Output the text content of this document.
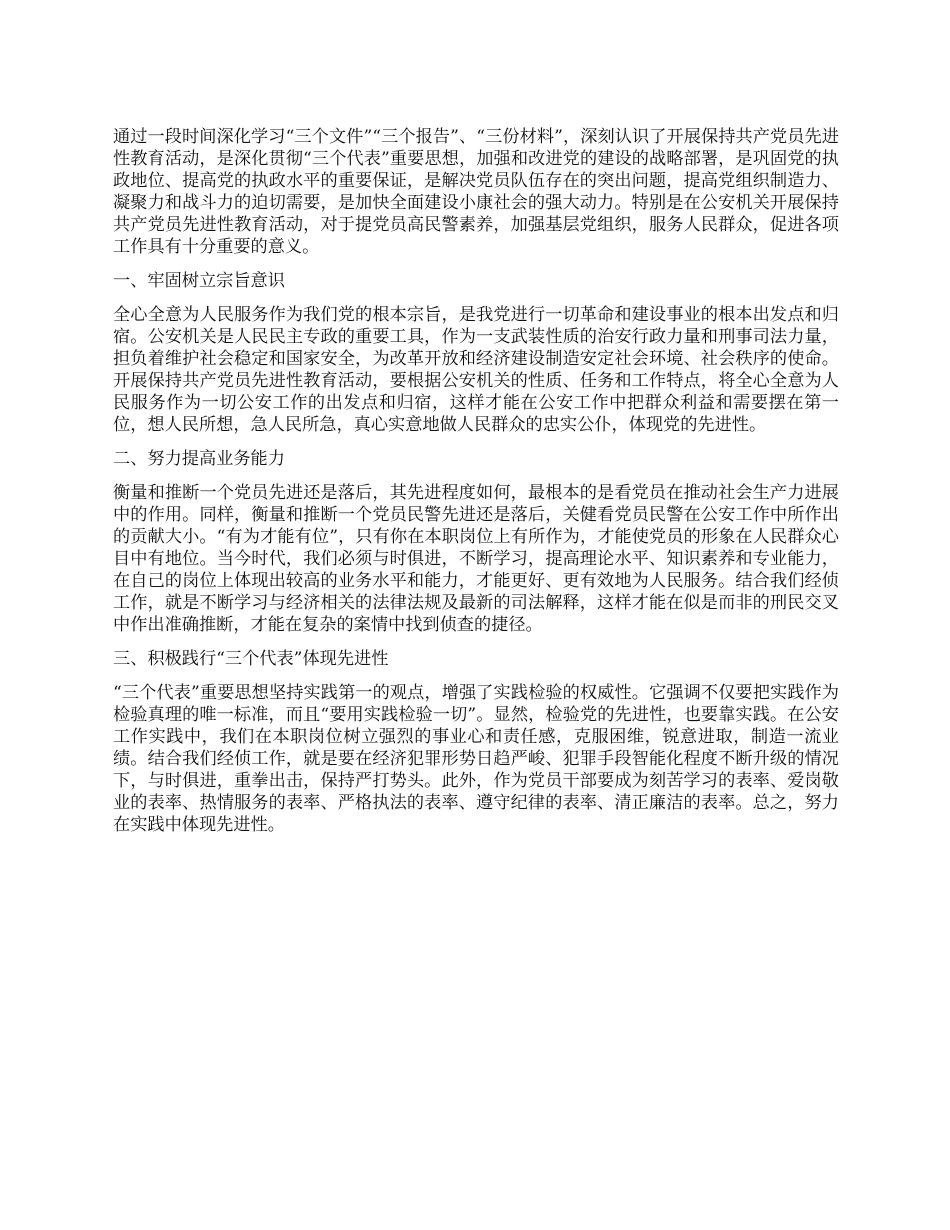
通过一段时间深化学习“三个文件”“三个报告”、“三份材料”，深刻认识了开展保持共产党员先进性教育活动，是深化贯彻“三个代表”重要思想，加强和改进党的建设的战略部署，是巩固党的执政地位、提高党的执政水平的重要保证，是解决党员队伍存在的突出问题，提高党组织制造力、凝聚力和战斗力的迫切需要，是加快全面建设小康社会的强大动力。特别是在公安机关开展保持共产党员先进性教育活动，对于提党员高民警素养，加强基层党组织，服务人民群众，促进各项工作具有十分重要的意义。

一、牢固树立宗旨意识

全心全意为人民服务作为我们党的根本宗旨，是我党进行一切革命和建设事业的根本出发点和归宿。公安机关是人民民主专政的重要工具，作为一支武装性质的治安行政力量和刑事司法力量，担负着维护社会稳定和国家安全，为改革开放和经济建设制造安定社会环境、社会秩序的使命。开展保持共产党员先进性教育活动，要根据公安机关的性质、任务和工作特点，将全心全意为人民服务作为一切公安工作的出发点和归宿，这样才能在公安工作中把群众利益和需要摆在第一位，想人民所想，急人民所急，真心实意地做人民群众的忠实公仆，体现党的先进性。

二、努力提高业务能力

衡量和推断一个党员先进还是落后，其先进程度如何，最根本的是看党员在推动社会生产力进展中的作用。同样，衡量和推断一个党员民警先进还是落后，关健看党员民警在公安工作中所作出的贡献大小。“有为才能有位”，只有你在本职岗位上有所作为，才能使党员的形象在人民群众心目中有地位。当今时代，我们必须与时俱进，不断学习，提高理论水平、知识素养和专业能力，在自己的岗位上体现出较高的业务水平和能力，才能更好、更有效地为人民服务。结合我们经侦工作，就是不断学习与经济相关的法律法规及最新的司法解释，这样才能在似是而非的刑民交叉中作出准确推断，才能在复杂的案情中找到侦查的捷径。

三、积极践行“三个代表”体现先进性

“三个代表”重要思想坚持实践第一的观点，增强了实践检验的权威性。它强调不仅要把实践作为检验真理的唯一标准，而且“要用实践检验一切”。显然，检验党的先进性，也要靠实践。在公安工作实践中，我们在本职岗位树立强烈的事业心和责任感，克服困维，锐意进取，制造一流业绩。结合我们经侦工作，就是要在经济犯罪形势日趋严峻、犯罪手段智能化程度不断升级的情况下，与时俱进，重拳出击，保持严打势头。此外，作为党员干部要成为刻苦学习的表率、爱岗敬业的表率、热情服务的表率、严格执法的表率、遵守纪律的表率、清正廉洁的表率。总之，努力在实践中体现先进性。
